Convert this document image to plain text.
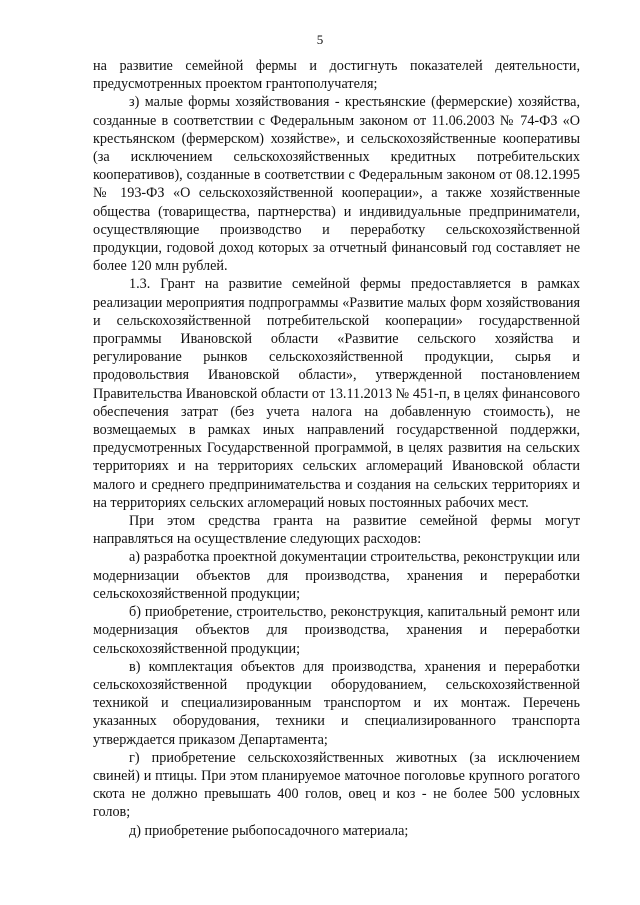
5

на развитие семейной фермы и достигнуть показателей деятельности, предусмотренных проектом грантополучателя;

з) малые формы хозяйствования - крестьянские (фермерские) хозяйства, созданные в соответствии с Федеральным законом от 11.06.2003 № 74-ФЗ «О крестьянском (фермерском) хозяйстве», и сельскохозяйственные кооперативы (за исключением сельскохозяйственных кредитных потребительских кооперативов), созданные в соответствии с Федеральным законом от 08.12.1995 № 193-ФЗ «О сельскохозяйственной кооперации», а также хозяйственные общества (товарищества, партнерства) и индивидуальные предприниматели, осуществляющие производство и переработку сельскохозяйственной продукции, годовой доход которых за отчетный финансовый год составляет не более 120 млн рублей.

1.3. Грант на развитие семейной фермы предоставляется в рамках реализации мероприятия подпрограммы «Развитие малых форм хозяйствования и сельскохозяйственной потребительской кооперации» государственной программы Ивановской области «Развитие сельского хозяйства и регулирование рынков сельскохозяйственной продукции, сырья и продовольствия Ивановской области», утвержденной постановлением Правительства Ивановской области от 13.11.2013 № 451-п, в целях финансового обеспечения затрат (без учета налога на добавленную стоимость), не возмещаемых в рамках иных направлений государственной поддержки, предусмотренных Государственной программой, в целях развития на сельских территориях и на территориях сельских агломераций Ивановской области малого и среднего предпринимательства и создания на сельских территориях и на территориях сельских агломераций новых постоянных рабочих мест.

При этом средства гранта на развитие семейной фермы могут направляться на осуществление следующих расходов:

а) разработка проектной документации строительства, реконструкции или модернизации объектов для производства, хранения и переработки сельскохозяйственной продукции;

б) приобретение, строительство, реконструкция, капитальный ремонт или модернизация объектов для производства, хранения и переработки сельскохозяйственной продукции;

в) комплектация объектов для производства, хранения и переработки сельскохозяйственной продукции оборудованием, сельскохозяйственной техникой и специализированным транспортом и их монтаж. Перечень указанных оборудования, техники и специализированного транспорта утверждается приказом Департамента;

г) приобретение сельскохозяйственных животных (за исключением свиней) и птицы. При этом планируемое маточное поголовье крупного рогатого скота не должно превышать 400 голов, овец и коз - не более 500 условных голов;

д) приобретение рыбопосадочного материала;
